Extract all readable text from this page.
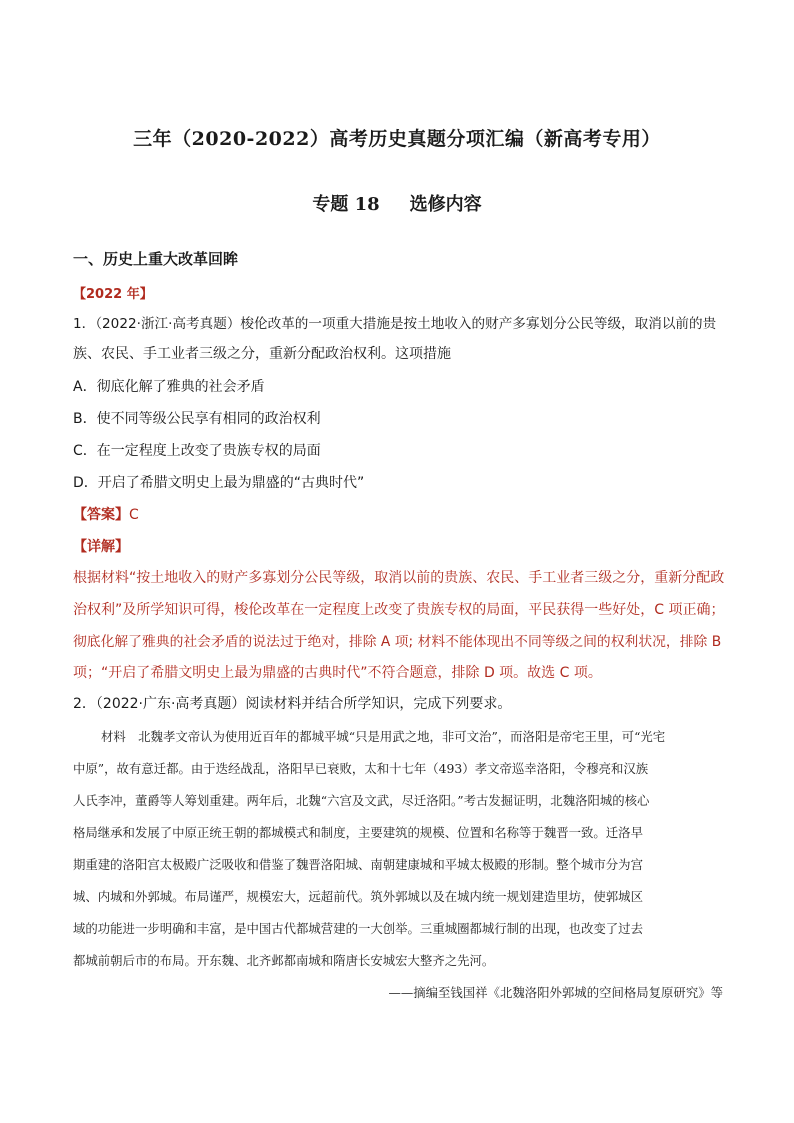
三年（2020-2022）高考历史真题分项汇编（新高考专用）
专题 18 选修内容
一、历史上重大改革回眸
【2022 年】
1．（2022·浙江·高考真题）梭伦改革的一项重大措施是按土地收入的财产多寡划分公民等级，取消以前的贵
族、农民、手工业者三级之分，重新分配政治权利。这项措施
A．彻底化解了雅典的社会矛盾
B．使不同等级公民享有相同的政治权利
C．在一定程度上改变了贵族专权的局面
D．开启了希腊文明史上最为鼎盛的“古典时代”
【答案】C
【详解】
根据材料“按土地收入的财产多寡划分公民等级，取消以前的贵族、农民、手工业者三级之分，重新分配政
治权利”及所学知识可得，梭伦改革在一定程度上改变了贵族专权的局面，平民获得一些好处，C 项正确；
彻底化解了雅典的社会矛盾的说法过于绝对，排除 A 项; 材料不能体现出不同等级之间的权利状况，排除 B
项；“开启了希腊文明史上最为鼎盛的古典时代”不符合题意，排除 D 项。故选 C 项。
2．（2022·广东·高考真题）阅读材料并结合所学知识，完成下列要求。
材料　北魏孝文帝认为使用近百年的都城平城“只是用武之地，非可文治”，而洛阳是帝宅王里，可“光宅
中原”，故有意迁都。由于迭经战乱，洛阳早已衰败，太和十七年（493）孝文帝巡幸洛阳，令穆亮和汉族
人氏李冲，董爵等人筹划重建。两年后，北魏“六宫及文武，尽迁洛阳。”考古发掘证明，北魏洛阳城的核心
格局继承和发展了中原正统王朝的都城模式和制度，主要建筑的规模、位置和名称等于魏晋一致。迁洛早
期重建的洛阳宫太极殿广泛吸收和借鉴了魏晋洛阳城、南朝建康城和平城太极殿的形制。整个城市分为宫
城、内城和外郭城。布局谨严，规模宏大，远超前代。筑外郭城以及在城内统一规划建造里坊，使郭城区
域的功能进一步明确和丰富，是中国古代都城营建的一大创举。三重城圈都城行制的出现，也改变了过去
都城前朝后市的布局。开东魏、北齐邺都南城和隋唐长安城宏大整齐之先河。
——摘编至钱国祥《北魏洛阳外郭城的空间格局复原研究》等
